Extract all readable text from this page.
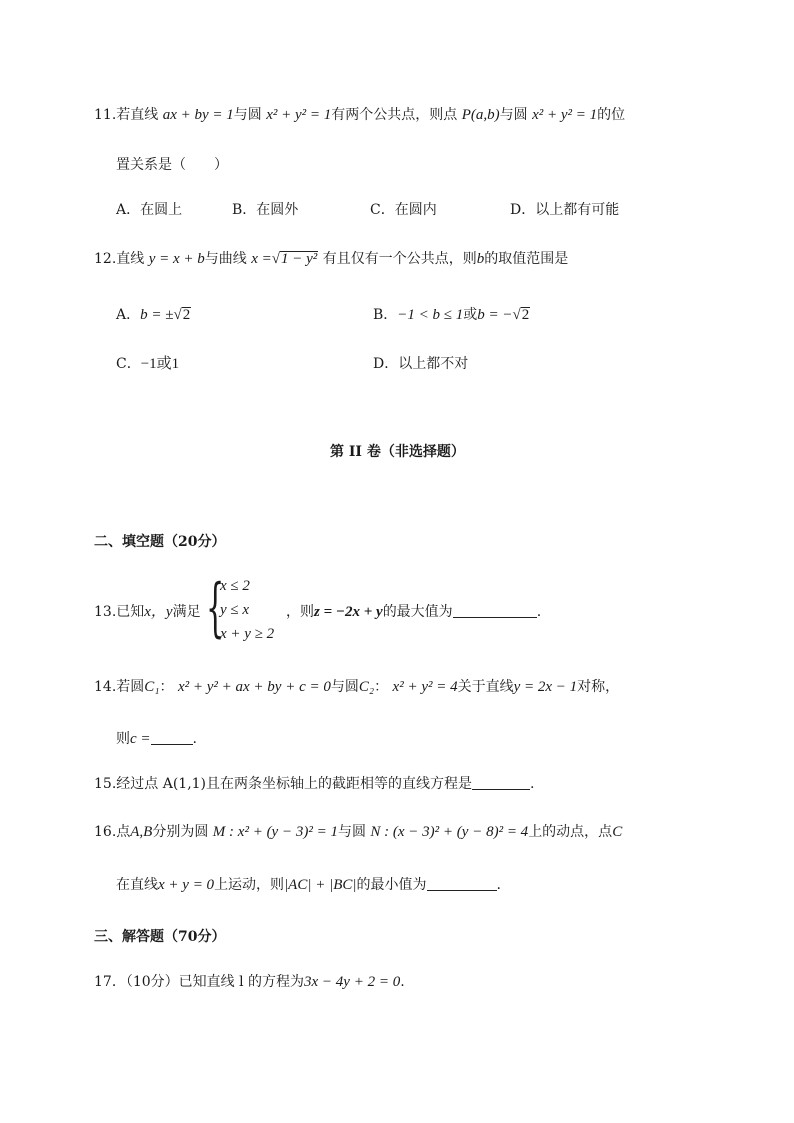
11.若直线 ax + by = 1与圆 x² + y² = 1有两个公共点，则点 P(a,b)与圆 x² + y² = 1的位
置关系是（　　）
A．在圆上	B．在圆外	C．在圆内	D．以上都有可能
12.直线 y = x + b与曲线 x =√1 − y² 有且仅有一个公共点，则b的取值范围是
A．b = ±√2	B．−1 < b ≤ 1或b = −√2
C．−1或1	D．以上都不对
第 II 卷（非选择题）
二、填空题（20分）
13.已知x，y满足 {
x ≤ 2
y ≤ x
x + y ≥ 2
，则z = −2x + y的最大值为	.
14.若圆C₁： x² + y² + ax + by + c = 0与圆C₂： x² + y² = 4关于直线y = 2x − 1对称，
则c =	.
15.经过点 A(1,1)且在两条坐标轴上的截距相等的直线方程是	.
16.点A,B分别为圆 M : x² + (y − 3)² = 1与圆 N : (x − 3)² + (y − 8)² = 4上的动点，点C
在直线x + y = 0上运动，则|AC| + |BC|的最小值为	.
三、解答题（70分）
17．（10分）已知直线 l 的方程为3x − 4y + 2 = 0.
